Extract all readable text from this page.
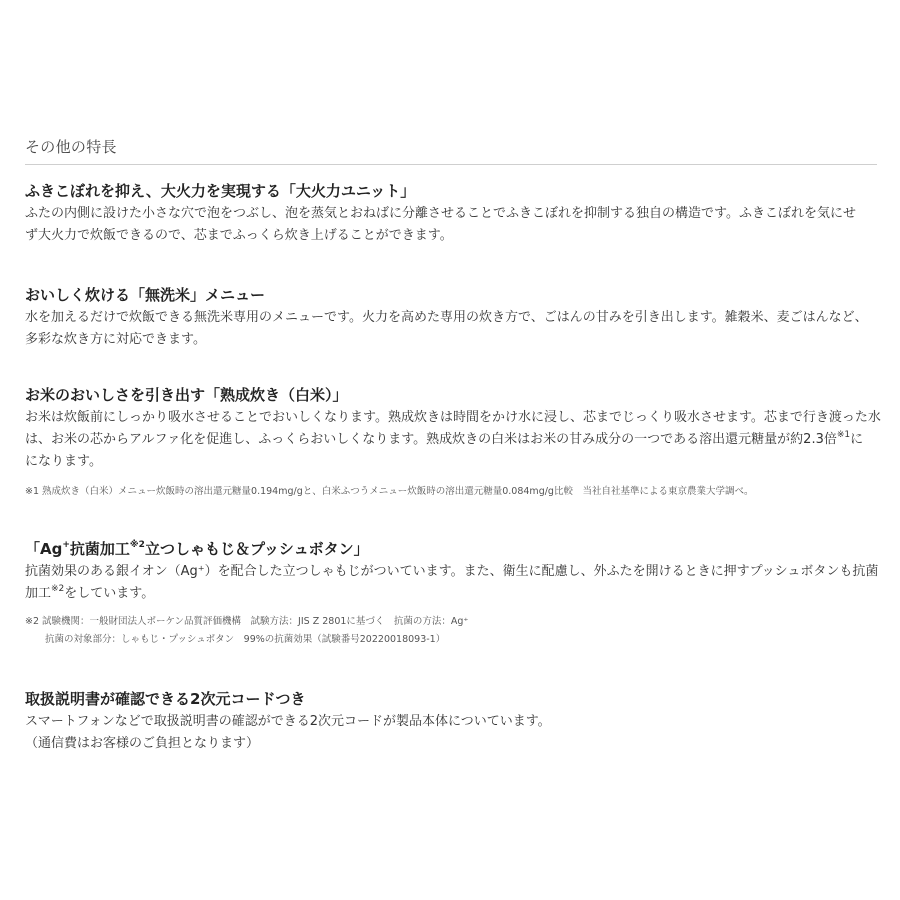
その他の特長
ふきこぼれを抑え、大火力を実現する「大火力ユニット」
ふたの内側に設けた小さな穴で泡をつぶし、泡を蒸気とおねばに分離させることでふきこぼれを抑制する独自の構造です。ふきこぼれを気にせ
ず大火力で炊飯できるので、芯までふっくら炊き上げることができます。
おいしく炊ける「無洗米」メニュー
水を加えるだけで炊飯できる無洗米専用のメニューです。火力を高めた専用の炊き方で、ごはんの甘みを引き出します。雑穀米、麦ごはんなど、
多彩な炊き方に対応できます。
お米のおいしさを引き出す「熟成炊き（白米）」
お米は炊飯前にしっかり吸水させることでおいしくなります。熟成炊きは時間をかけ水に浸し、芯までじっくり吸水させます。芯まで行き渡った水
は、お米の芯からアルファ化を促進し、ふっくらおいしくなります。熟成炊きの白米はお米の甘み成分の一つである溶出還元糖量が約2.3倍$^{※1}$に
になります。
※1 熟成炊き（白米）メニュー炊飯時の溶出還元糖量0.194mg/gと、白米ふつうメニュー炊飯時の溶出還元糖量0.084mg/g比較　当社自社基準による東京農業大学調べ。
「Ag+抗菌加工$^{※2}$立つしゃもじ＆プッシュボタン」
抗菌効果のある銀イオン（Ag⁺）を配合した立つしゃもじがついています。また、衛生に配慮し、外ふたを開けるときに押すプッシュボタンも抗菌
加工$^{※2}$をしています。
※2 試験機関：一般財団法人ボーケン品質評価機構　試験方法：JIS Z 2801に基づく　抗菌の方法：Ag⁺
抗菌の対象部分：しゃもじ・プッシュボタン　99%の抗菌効果（試験番号20220018093-1）
取扱説明書が確認できる2次元コードつき
スマートフォンなどで取扱説明書の確認ができる2次元コードが製品本体についています。
（通信費はお客様のご負担となります）
